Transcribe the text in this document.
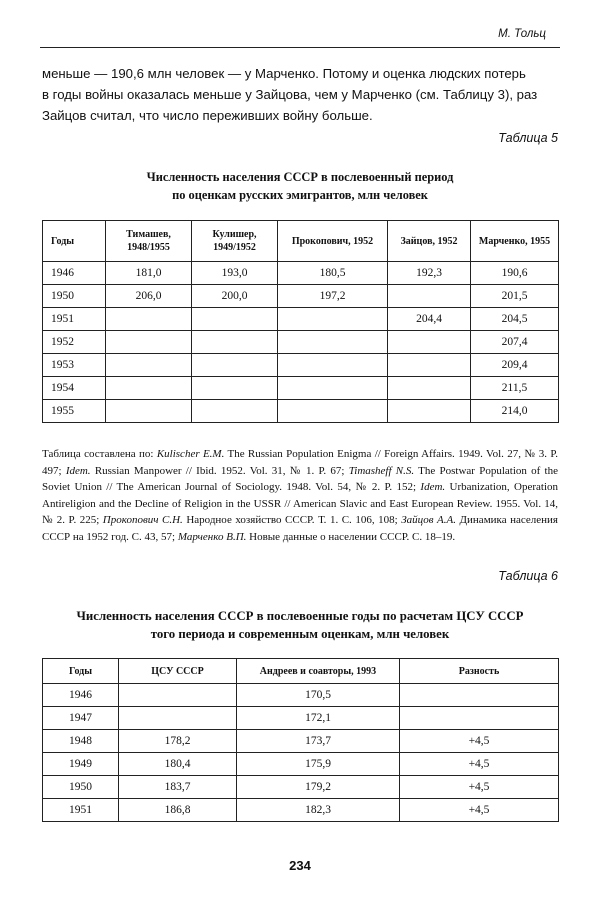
М. Тольц
меньше — 190,6 млн человек — у Марченко. Потому и оценка людских потерь
в годы войны оказалась меньше у Зайцова, чем у Марченко (см. Таблицу 3), раз
Зайцов считал, что число переживших войну больше.
Таблица 5
Численность населения СССР в послевоенный период
по оценкам русских эмигрантов, млн человек
Годы	Тимашев, 1948/1955	Кулишер, 1949/1952	Прокопович, 1952	Зайцов, 1952	Марченко, 1955
1946	181,0	193,0	180,5	192,3	190,6
1950	206,0	200,0	197,2		201,5
1951				204,4	204,5
1952					207,4
1953					209,4
1954					211,5
1955					214,0
Таблица составлена по: Kulischer E.M. The Russian Population Enigma // Foreign Affairs. 1949. Vol. 27, № 3. P. 497; Idem. Russian Manpower // Ibid. 1952. Vol. 31, № 1. P. 67; Timasheff N.S. The Postwar Population of the Soviet Union // The American Journal of Sociology. 1948. Vol. 54, № 2. P. 152; Idem. Urbanization, Operation Antireligion and the Decline of Religion in the USSR // American Slavic and East European Review. 1955. Vol. 14, № 2. P. 225; Прокопович С.Н. Народное хозяйство СССР. Т. 1. С. 106, 108; Зайцов А.А. Динамика населения СССР на 1952 год. С. 43, 57; Марченко В.П. Новые данные о населении СССР. С. 18–19.
Таблица 6
Численность населения СССР в послевоенные годы по расчетам ЦСУ СССР
того периода и современным оценкам, млн человек
Годы	ЦСУ СССР	Андреев и соавторы, 1993	Разность
1946		170,5	
1947		172,1	
1948	178,2	173,7	+4,5
1949	180,4	175,9	+4,5
1950	183,7	179,2	+4,5
1951	186,8	182,3	+4,5
234
